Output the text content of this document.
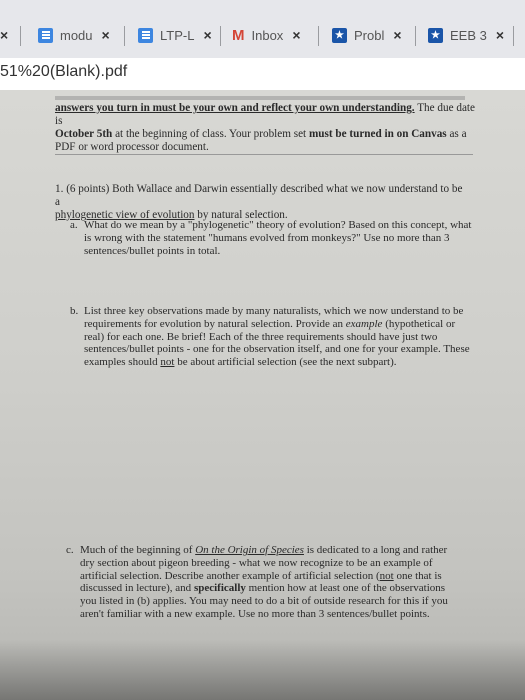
×	modu ×	LTP-L × M Inbox ×	★ Probl ×	★ EEB 3 ×
51%20(Blank).pdf
answers you turn in must be your own and reflect your own understanding. The due date is
October 5th at the beginning of class. Your problem set must be turned in on Canvas as a
PDF or word processor document.
1. (6 points) Both Wallace and Darwin essentially described what we now understand to be a
phylogenetic view of evolution by natural selection.
a. What do we mean by a "phylogenetic" theory of evolution? Based on this concept, what is wrong with the statement "humans evolved from monkeys?" Use no more than 3 sentences/bullet points in total.
b. List three key observations made by many naturalists, which we now understand to be requirements for evolution by natural selection. Provide an example (hypothetical or real) for each one. Be brief! Each of the three requirements should have just two sentences/bullet points - one for the observation itself, and one for your example. These examples should not be about artificial selection (see the next subpart).
c. Much of the beginning of On the Origin of Species is dedicated to a long and rather dry section about pigeon breeding - what we now recognize to be an example of artificial selection. Describe another example of artificial selection (not one that is discussed in lecture), and specifically mention how at least one of the observations you listed in (b) applies. You may need to do a bit of outside research for this if you aren't familiar with a new example. Use no more than 3 sentences/bullet points.
